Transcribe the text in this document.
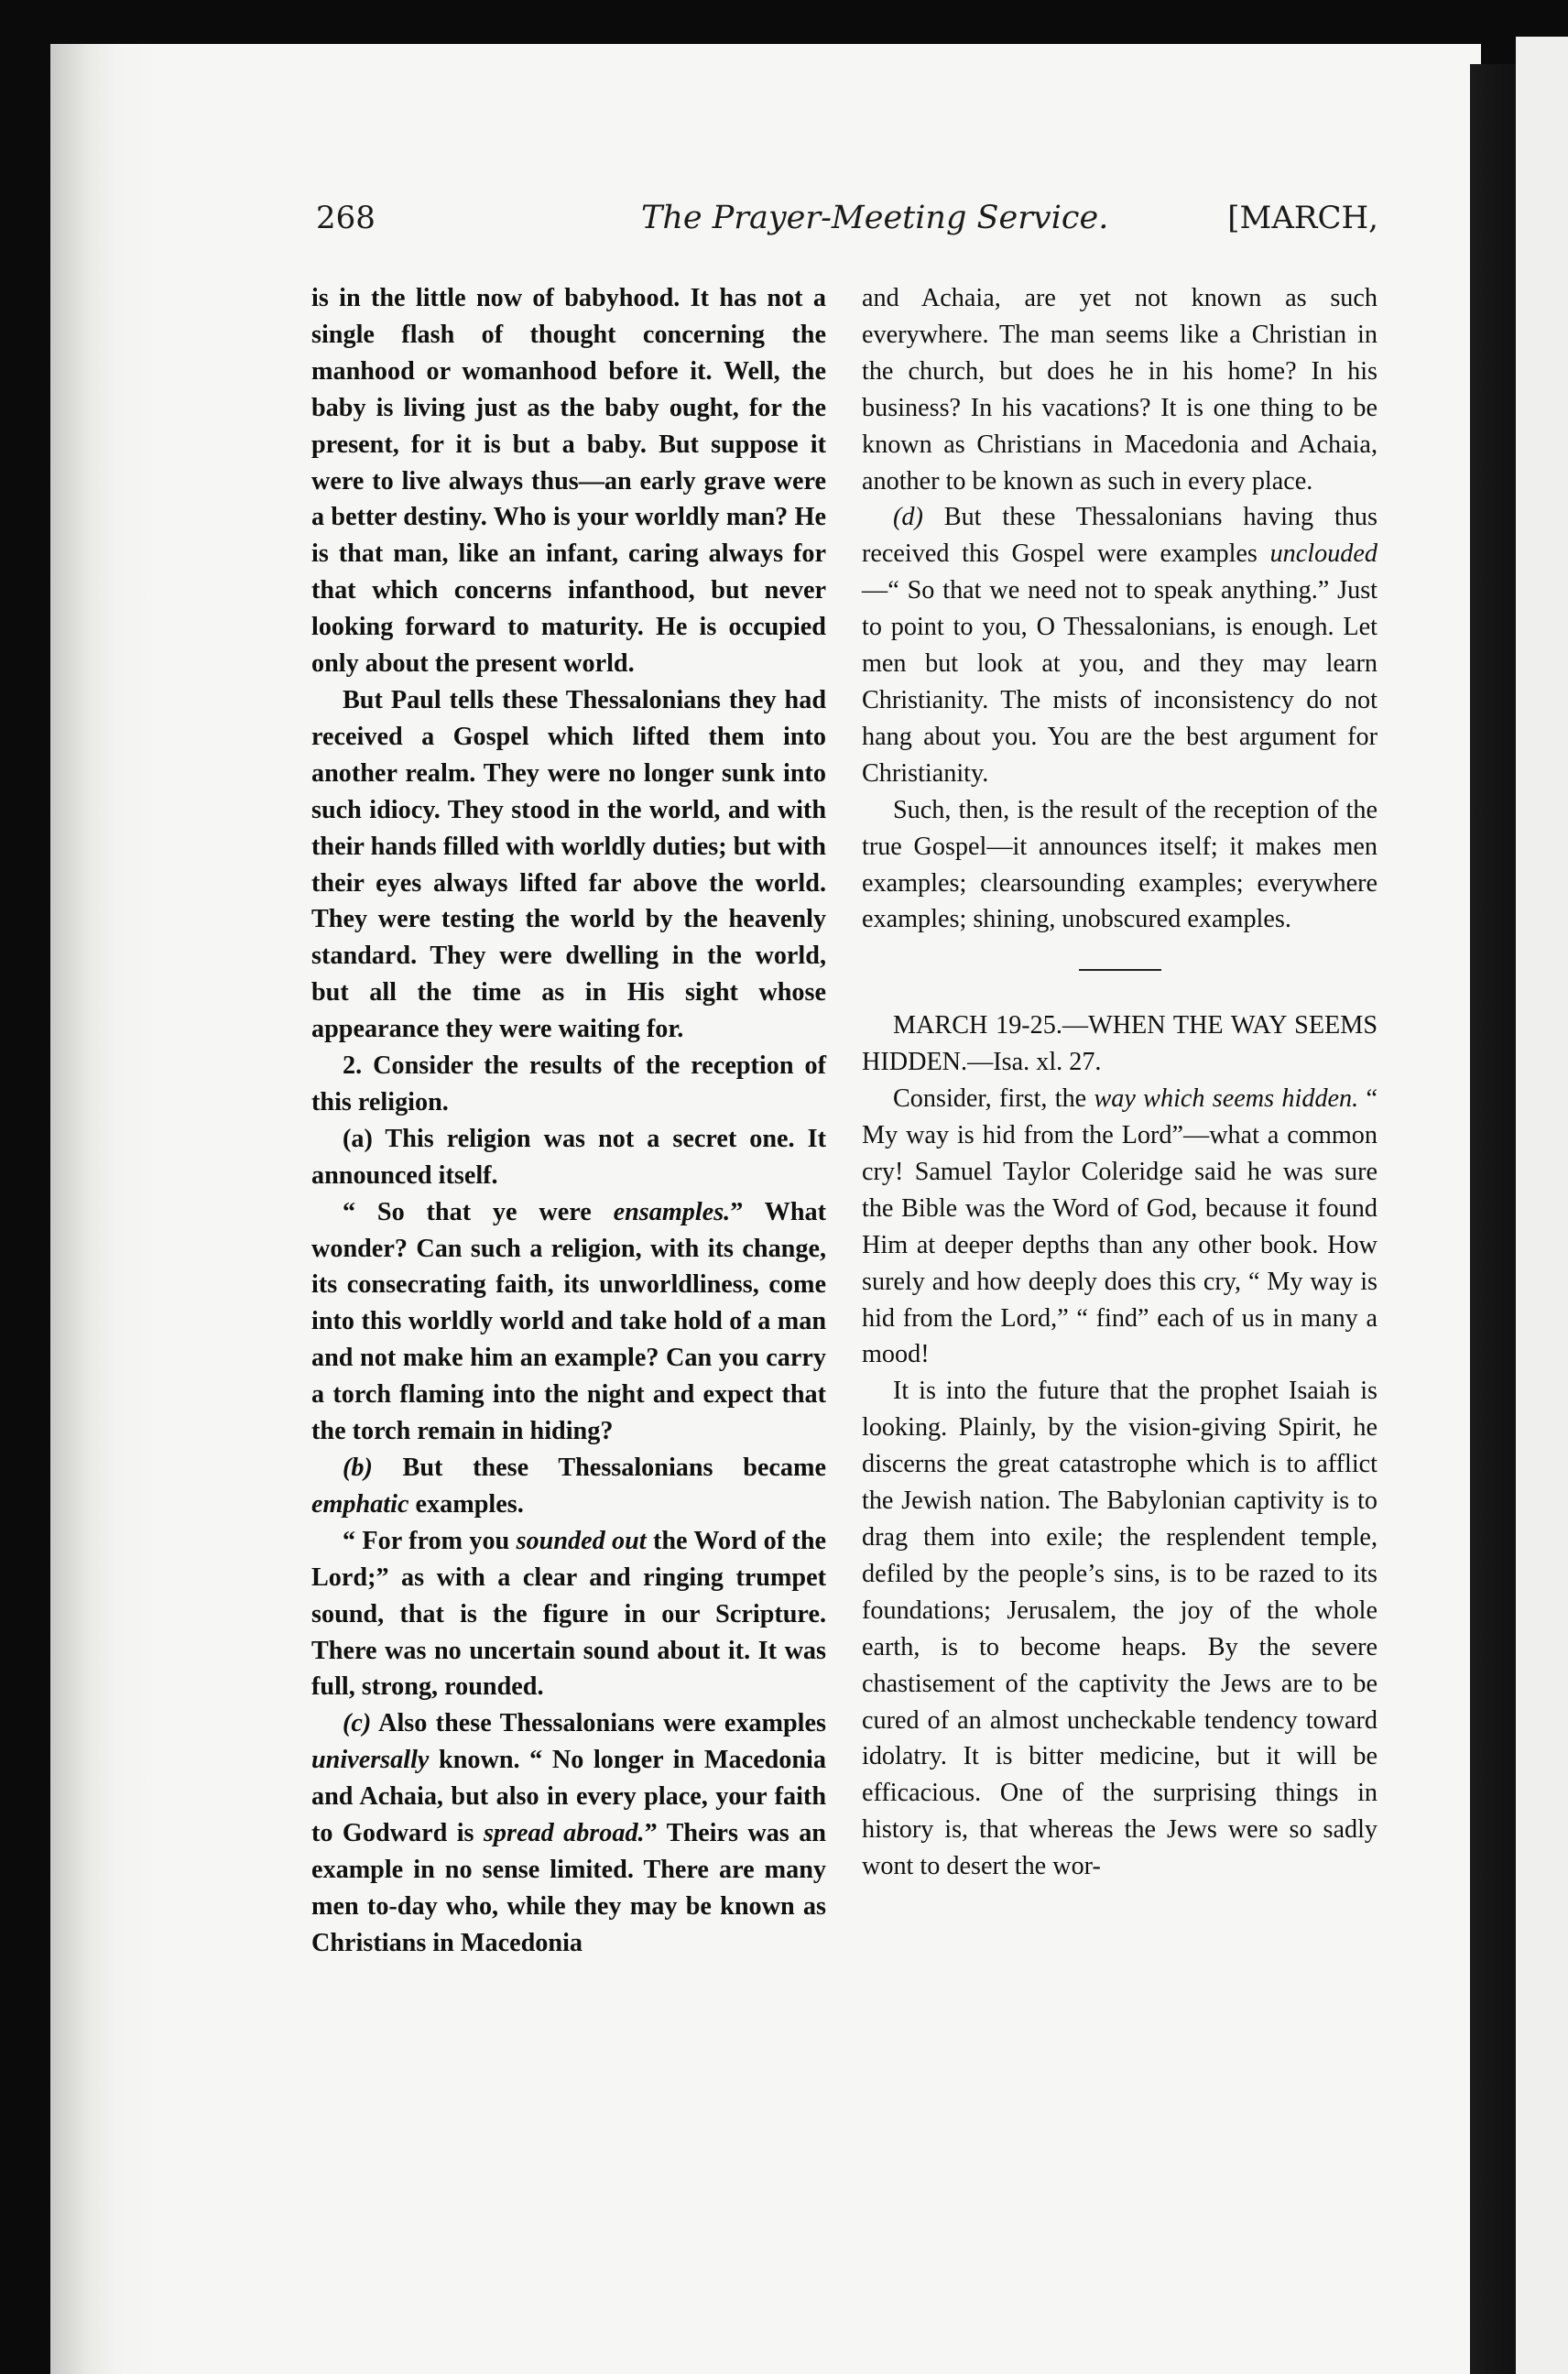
268	The Prayer-Meeting Service.	[MARCH,

is in the little now of babyhood. It has not a single flash of thought concerning the manhood or womanhood before it. Well, the baby is living just as the baby ought, for the present, for it is but a baby. But suppose it were to live always thus—an early grave were a better destiny. Who is your worldly man? He is that man, like an infant, caring always for that which concerns infanthood, but never looking forward to maturity. He is occupied only about the present world.

But Paul tells these Thessalonians they had received a Gospel which lifted them into another realm. They were no longer sunk into such idiocy. They stood in the world, and with their hands filled with worldly duties; but with their eyes always lifted far above the world. They were testing the world by the heavenly standard. They were dwelling in the world, but all the time as in His sight whose appearance they were waiting for.

2. Consider the results of the reception of this religion.

(a) This religion was not a secret one. It announced itself.

“ So that ye were ensamples.” What wonder? Can such a religion, with its change, its consecrating faith, its unworldliness, come into this worldly world and take hold of a man and not make him an example? Can you carry a torch flaming into the night and expect that the torch remain in hiding?

(b) But these Thessalonians became emphatic examples.

“ For from you sounded out the Word of the Lord;” as with a clear and ringing trumpet sound, that is the figure in our Scripture. There was no uncertain sound about it. It was full, strong, rounded.

(c) Also these Thessalonians were examples universally known. “ No longer in Macedonia and Achaia, but also in every place, your faith to Godward is spread abroad.” Theirs was an example in no sense limited. There are many men to-day who, while they may be known as Christians in Macedonia

and Achaia, are yet not known as such everywhere. The man seems like a Christian in the church, but does he in his home? In his business? In his vacations? It is one thing to be known as Christians in Macedonia and Achaia, another to be known as such in every place.

(d) But these Thessalonians having thus received this Gospel were examples unclouded—“ So that we need not to speak anything.” Just to point to you, O Thessalonians, is enough. Let men but look at you, and they may learn Christianity. The mists of inconsistency do not hang about you. You are the best argument for Christianity.

Such, then, is the result of the reception of the true Gospel—it announces itself; it makes men examples; clearsounding examples; everywhere examples; shining, unobscured examples.

MARCH 19-25.—WHEN THE WAY SEEMS HIDDEN.—Isa. xl. 27.

Consider, first, the way which seems hidden. “ My way is hid from the Lord”—what a common cry! Samuel Taylor Coleridge said he was sure the Bible was the Word of God, because it found Him at deeper depths than any other book. How surely and how deeply does this cry, “ My way is hid from the Lord,” “ find” each of us in many a mood!

It is into the future that the prophet Isaiah is looking. Plainly, by the vision-giving Spirit, he discerns the great catastrophe which is to afflict the Jewish nation. The Babylonian captivity is to drag them into exile; the resplendent temple, defiled by the people’s sins, is to be razed to its foundations; Jerusalem, the joy of the whole earth, is to become heaps. By the severe chastisement of the captivity the Jews are to be cured of an almost uncheckable tendency toward idolatry. It is bitter medicine, but it will be efficacious. One of the surprising things in history is, that whereas the Jews were so sadly wont to desert the wor-
